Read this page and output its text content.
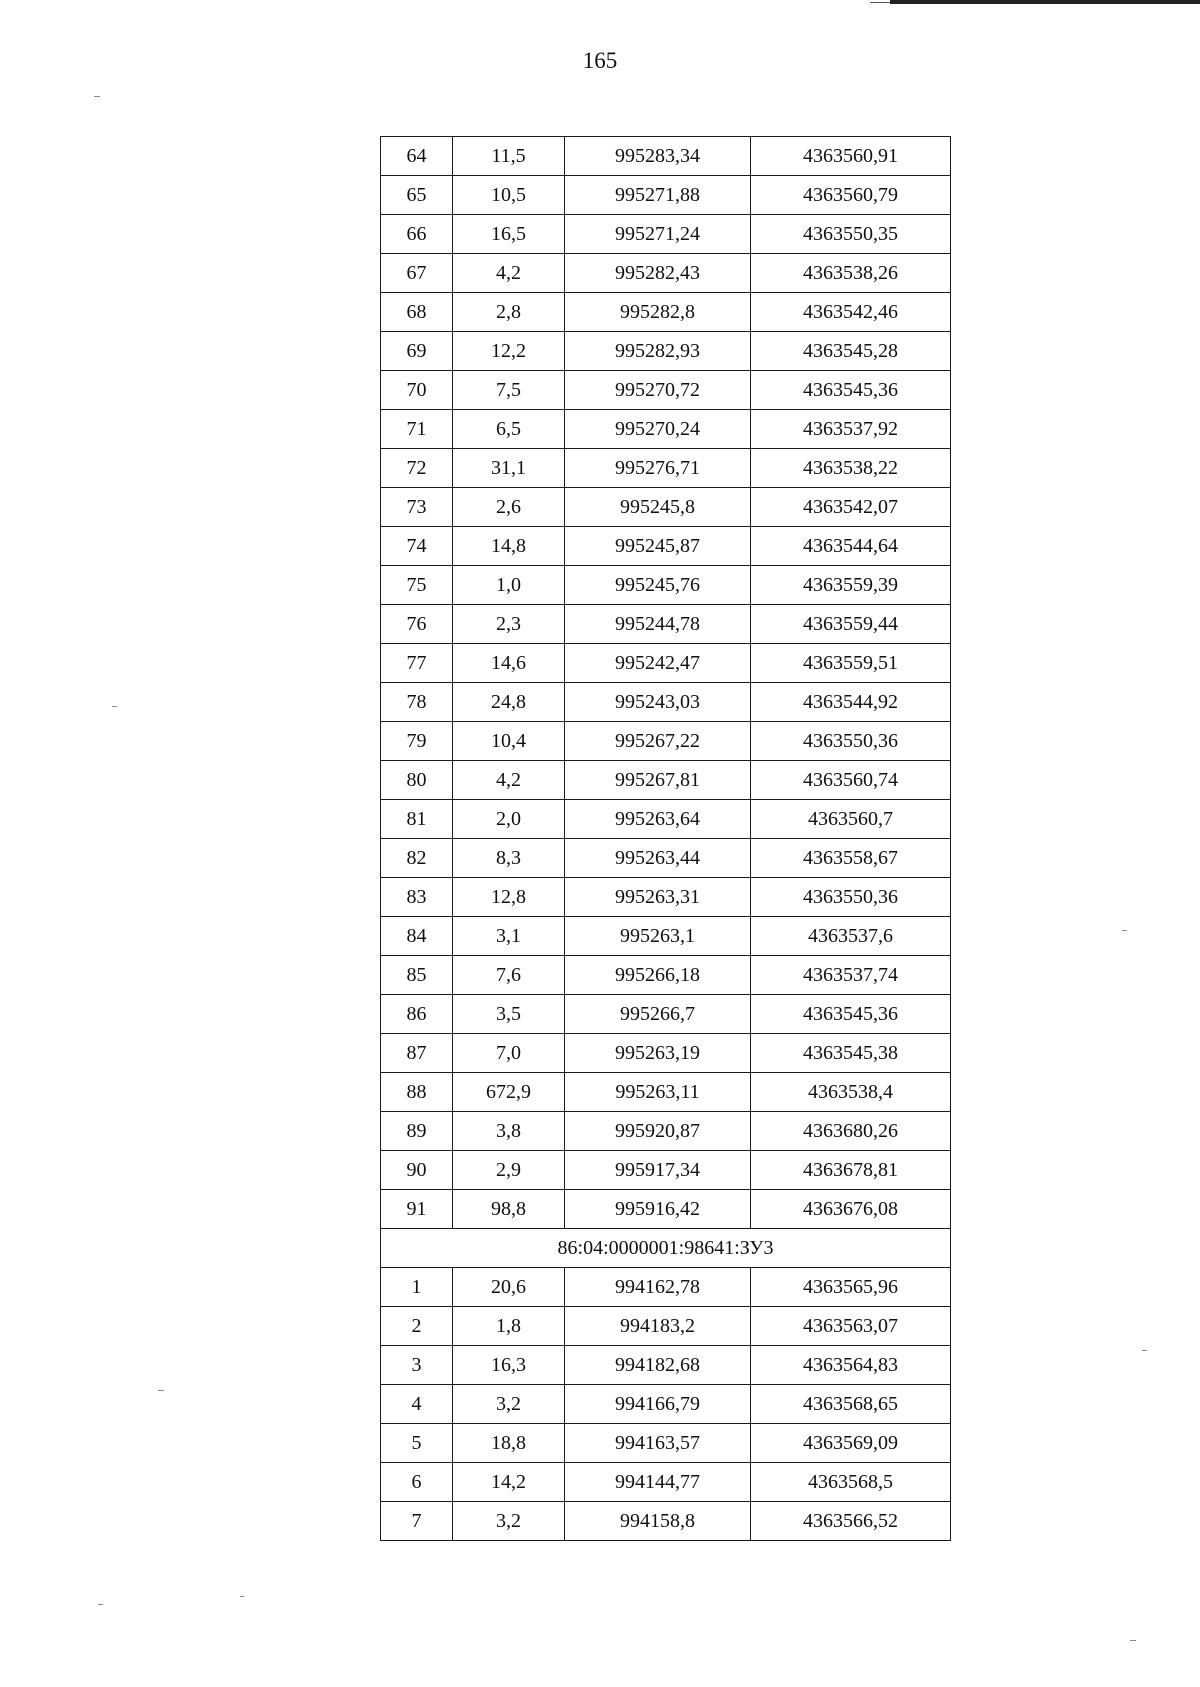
165
64	11,5	995283,34	4363560,91
65	10,5	995271,88	4363560,79
66	16,5	995271,24	4363550,35
67	4,2	995282,43	4363538,26
68	2,8	995282,8	4363542,46
69	12,2	995282,93	4363545,28
70	7,5	995270,72	4363545,36
71	6,5	995270,24	4363537,92
72	31,1	995276,71	4363538,22
73	2,6	995245,8	4363542,07
74	14,8	995245,87	4363544,64
75	1,0	995245,76	4363559,39
76	2,3	995244,78	4363559,44
77	14,6	995242,47	4363559,51
78	24,8	995243,03	4363544,92
79	10,4	995267,22	4363550,36
80	4,2	995267,81	4363560,74
81	2,0	995263,64	4363560,7
82	8,3	995263,44	4363558,67
83	12,8	995263,31	4363550,36
84	3,1	995263,1	4363537,6
85	7,6	995266,18	4363537,74
86	3,5	995266,7	4363545,36
87	7,0	995263,19	4363545,38
88	672,9	995263,11	4363538,4
89	3,8	995920,87	4363680,26
90	2,9	995917,34	4363678,81
91	98,8	995916,42	4363676,08
86:04:0000001:98641:ЗУ3			
1	20,6	994162,78	4363565,96
2	1,8	994183,2	4363563,07
3	16,3	994182,68	4363564,83
4	3,2	994166,79	4363568,65
5	18,8	994163,57	4363569,09
6	14,2	994144,77	4363568,5
7	3,2	994158,8	4363566,52
